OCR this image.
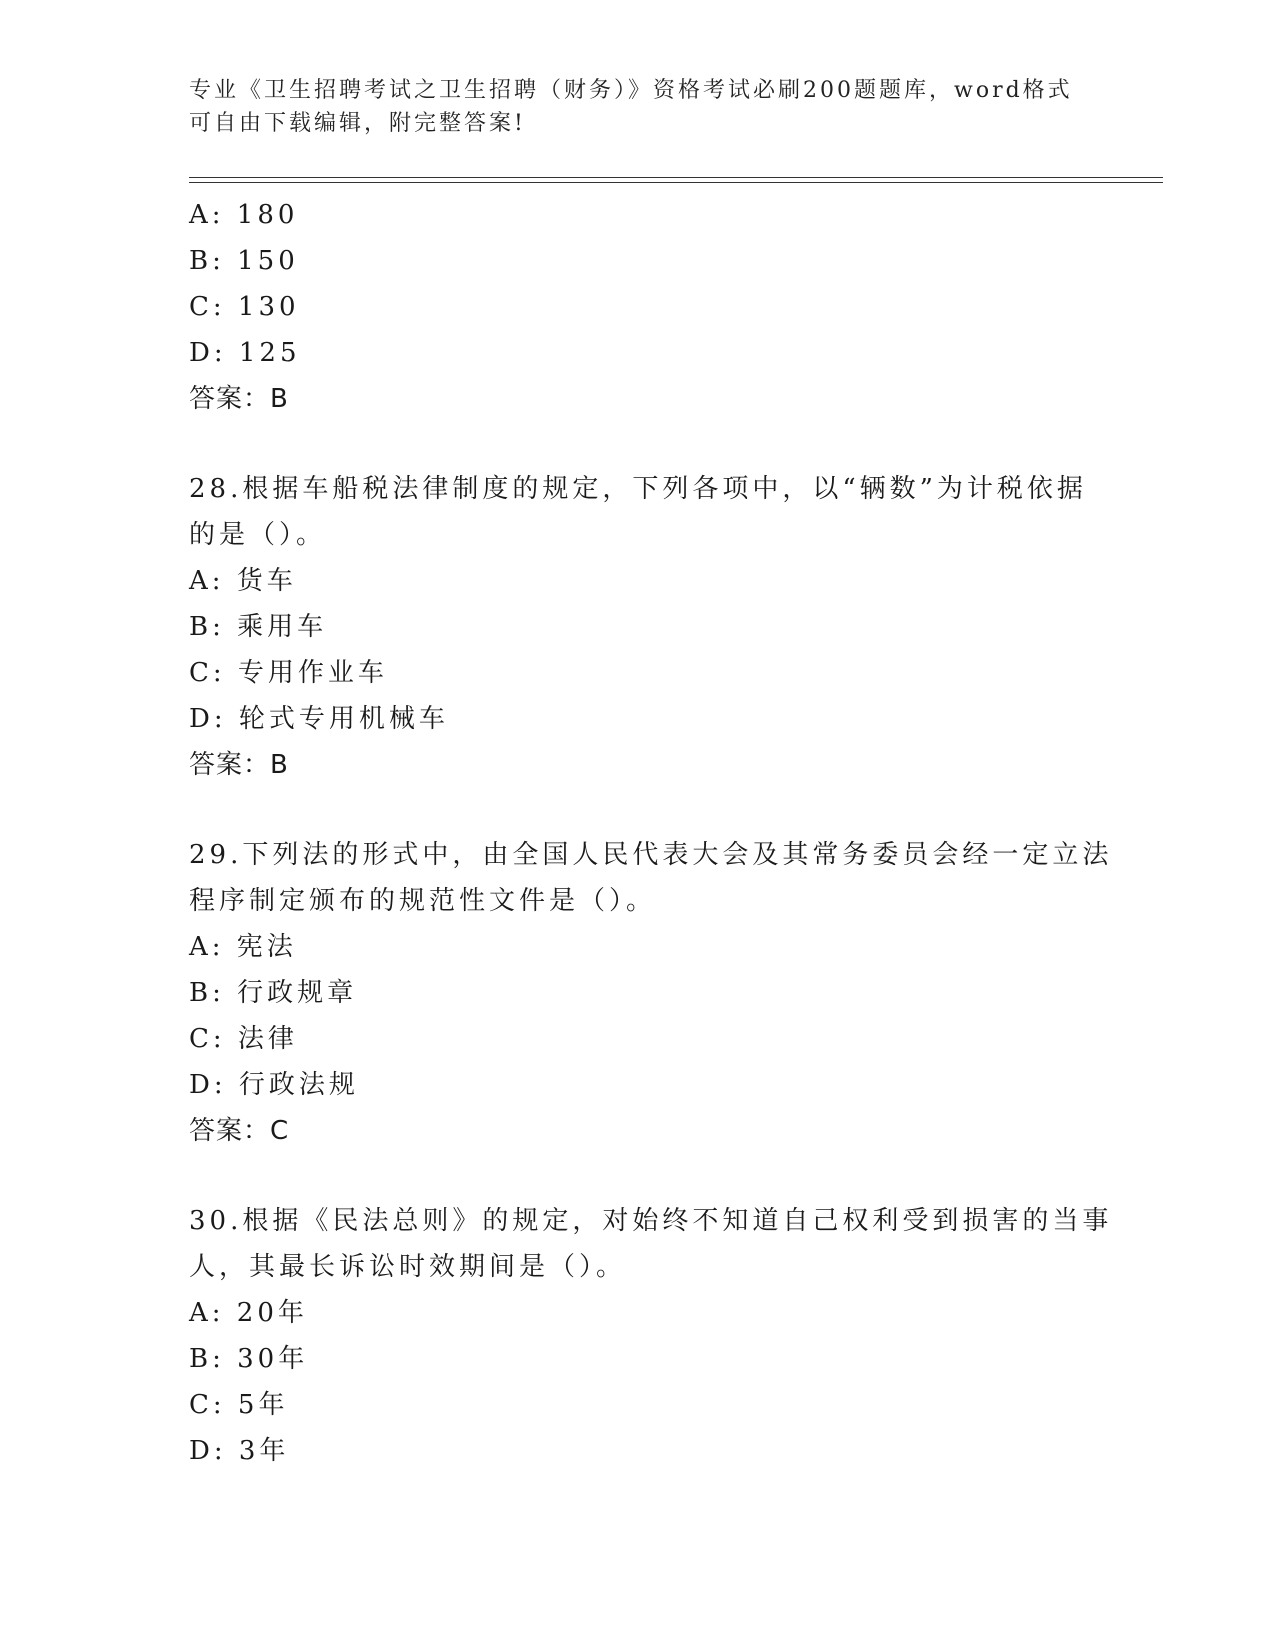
专业《卫生招聘考试之卫生招聘（财务）》资格考试必刷200题题库，word格式
可自由下载编辑，附完整答案!
A: 180
B: 150
C: 130
D: 125
答案：B
28.根据车船税法律制度的规定，下列各项中，以“辆数”为计税依据
的是（）。
A: 货车
B: 乘用车
C: 专用作业车
D: 轮式专用机械车
答案：B
29.下列法的形式中，由全国人民代表大会及其常务委员会经一定立法
程序制定颁布的规范性文件是（）。
A: 宪法
B: 行政规章
C: 法律
D: 行政法规
答案：C
30.根据《民法总则》的规定，对始终不知道自己权利受到损害的当事
人，其最长诉讼时效期间是（）。
A: 20年
B: 30年
C: 5年
D: 3年
